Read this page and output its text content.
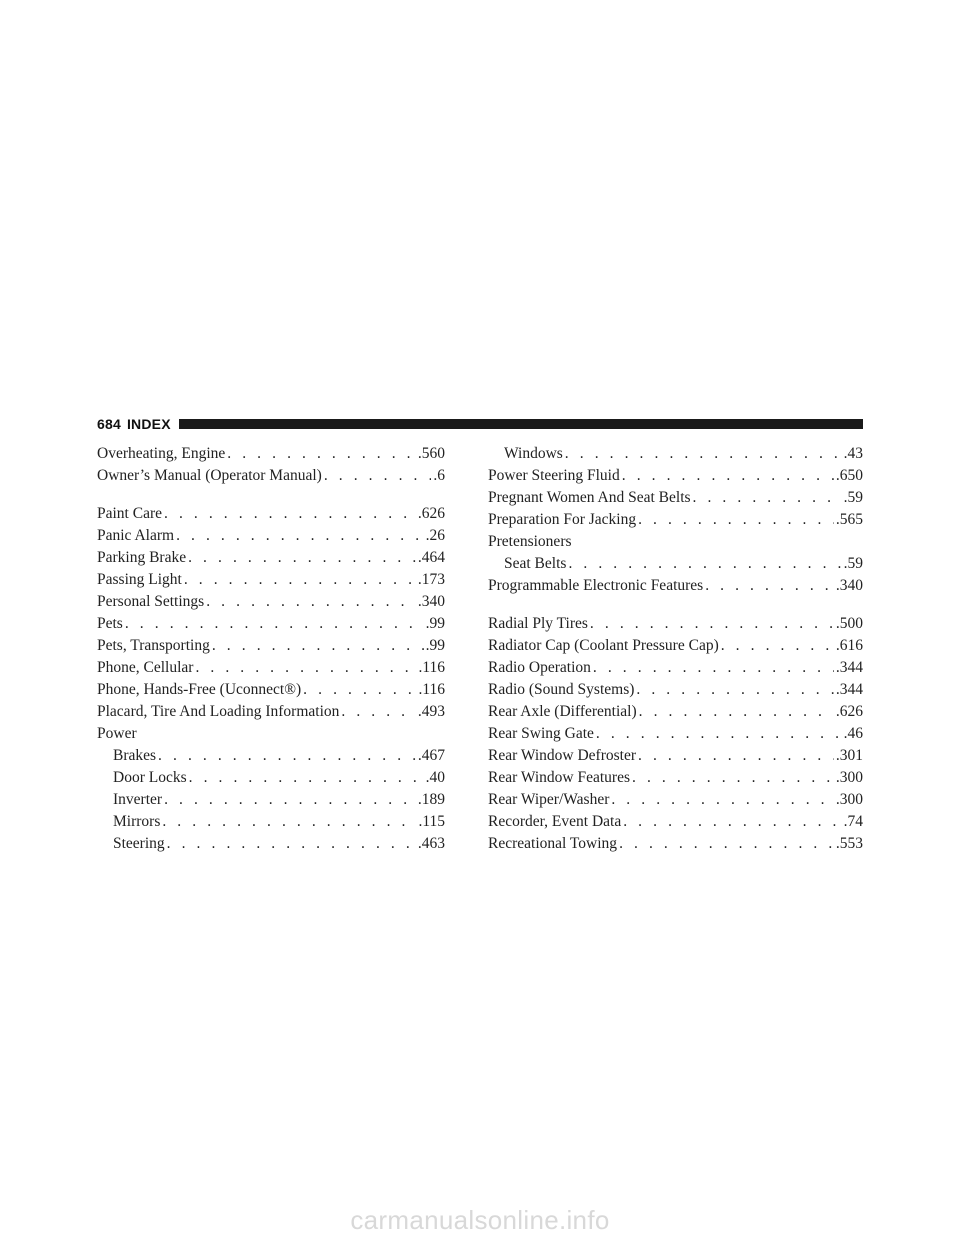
684 INDEX
Overheating, Engine . . .	.560
Owner’s Manual (Operator Manual) . . .	.6
Paint Care . . .	.626
Panic Alarm . . .	.26
Parking Brake . . .	.464
Passing Light . . .	.173
Personal Settings . . .	.340
Pets . . .	.99
Pets, Transporting . . .	.99
Phone, Cellular . . .	.116
Phone, Hands-Free (Uconnect®) . . .	.116
Placard, Tire And Loading Information . . .	.493
Power
Brakes . . .	.467
Door Locks . . .	.40
Inverter . . .	.189
Mirrors . . .	.115
Steering . . .	.463
Windows . . .	.43
Power Steering Fluid . . .	.650
Pregnant Women And Seat Belts . . .	.59
Preparation For Jacking . . .	.565
Pretensioners
Seat Belts . . .	.59
Programmable Electronic Features . . .	.340
Radial Ply Tires . . .	.500
Radiator Cap (Coolant Pressure Cap) . . .	.616
Radio Operation . . .	.344
Radio (Sound Systems) . . .	.344
Rear Axle (Differential) . . .	.626
Rear Swing Gate . . .	.46
Rear Window Defroster . . .	.301
Rear Window Features . . .	.300
Rear Wiper/Washer . . .	.300
Recorder, Event Data . . .	.74
Recreational Towing . . .	.553
carmanualsonline.info
